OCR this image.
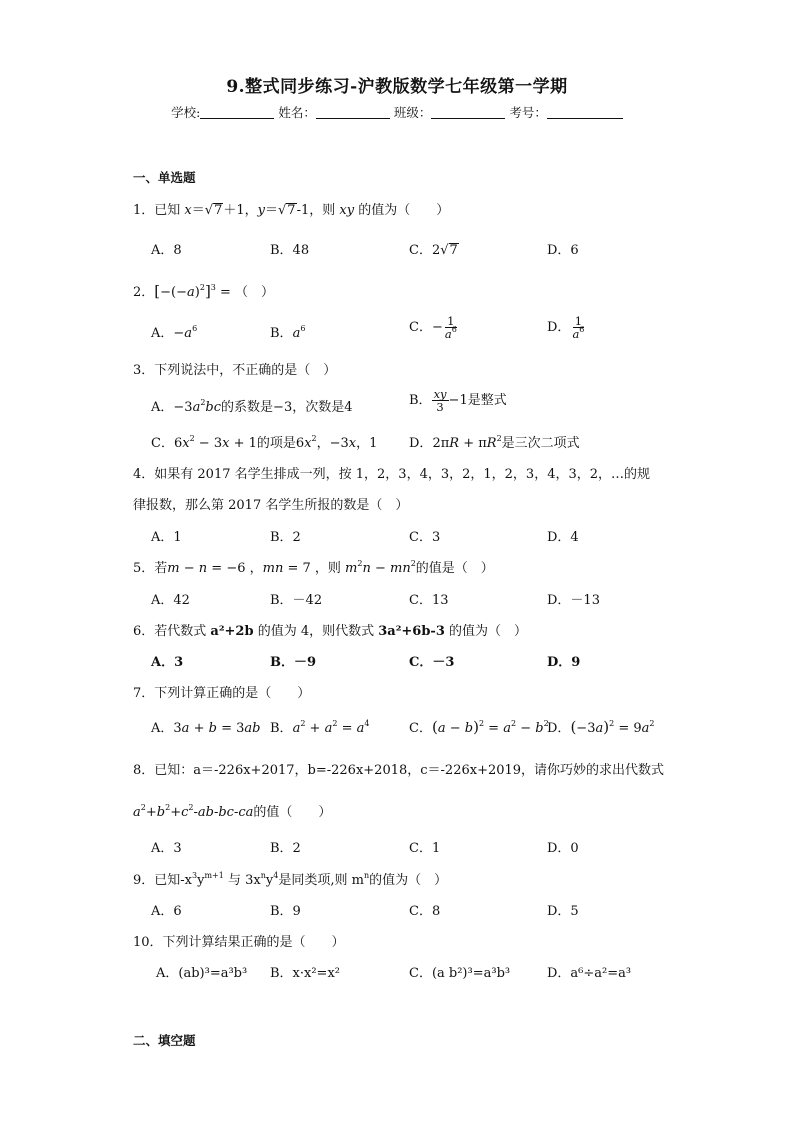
9.整式同步练习-沪教版数学七年级第一学期
学校:	姓名：	班级：	考号：
一、单选题
1．已知 x＝√7＋1，y＝√7-1，则 xy 的值为（　　）
A．8	B．48	C．2√7	D．6
2．$[-(-a)^2]^3$ = （　）
A．$-a^6$	B．$a^6$	C．− $\frac{1}{a^6}$	D． $\frac{1}{a^6}$
3．下列说法中，不正确的是（　）
A．$-3a^2bc$的系数是−3，次数是4	B． $\frac{xy}{3} -1$是整式
C．$6x^2 - 3x + 1$的项是$6x^2$，−3x，1 D．$2\pi R + \pi R^2$是三次二项式
4．如果有 2017 名学生排成一列，按 1，2，3，4，3，2，1，2，3，4，3，2，…的规
律报数，那么第 2017 名学生所报的数是（　）
A．1	B．2	C．3	D．4
5．若m − n = −6 ，mn = 7 ，则 $m^2n - mn^2$的值是（　）
A．42	B．－42	C．13	D．－13
6．若代数式 a²+2b 的值为 4，则代数式 3a²+6b-3 的值为（　）
A．3	B．－9	C．－3	D．9
7．下列计算正确的是（　　）
A．3a + b = 3ab B．$a^2 + a^2 = a^4$	C．$(a - b)^2 = a^2 - b^2$
D．$(-3a)^2 = 9a^2$
8．已知：a＝-226x+2017，b=-226x+2018，c＝-226x+2019，请你巧妙的求出代数式
$a^2+b^2+c^2-ab-bc-ca$的值（　　）
A．3	B．2	C．1	D．0
9．已知$-x^3y^{m+1}$ 与 $3x^ny^4$是同类项,则 $m^n$的值为（　）
A．6	B．9	C．8	D．5
10．下列计算结果正确的是（　　）
A．(ab)³=a³b³ B．x·x²=x²	C．(a b²)³=a³b³	D．a⁶÷a²=a³
二、填空题
